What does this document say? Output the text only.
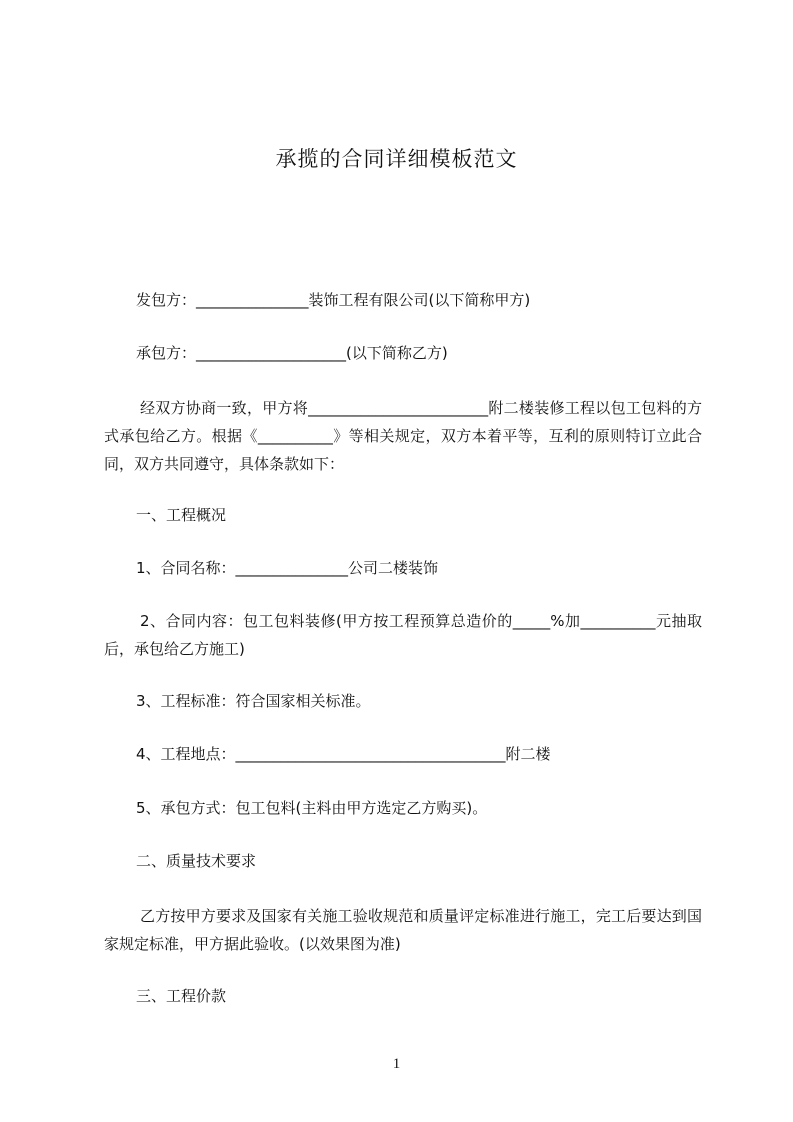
承揽的合同详细模板范文
发包方：_______________装饰工程有限公司(以下简称甲方)
承包方：____________________(以下简称乙方)
经双方协商一致，甲方将________________________附二楼装修工程以包工包料的方式承包给乙方。根据《__________》等相关规定，双方本着平等，互利的原则特订立此合同，双方共同遵守，具体条款如下：
一、工程概况
1、合同名称：_______________公司二楼装饰
2、合同内容：包工包料装修(甲方按工程预算总造价的_____%加__________元抽取后，承包给乙方施工)
3、工程标准：符合国家相关标准。
4、工程地点：____________________________________附二楼
5、承包方式：包工包料(主料由甲方选定乙方购买)。
二、质量技术要求
乙方按甲方要求及国家有关施工验收规范和质量评定标准进行施工，完工后要达到国家规定标准，甲方据此验收。(以效果图为准)
三、工程价款
1
